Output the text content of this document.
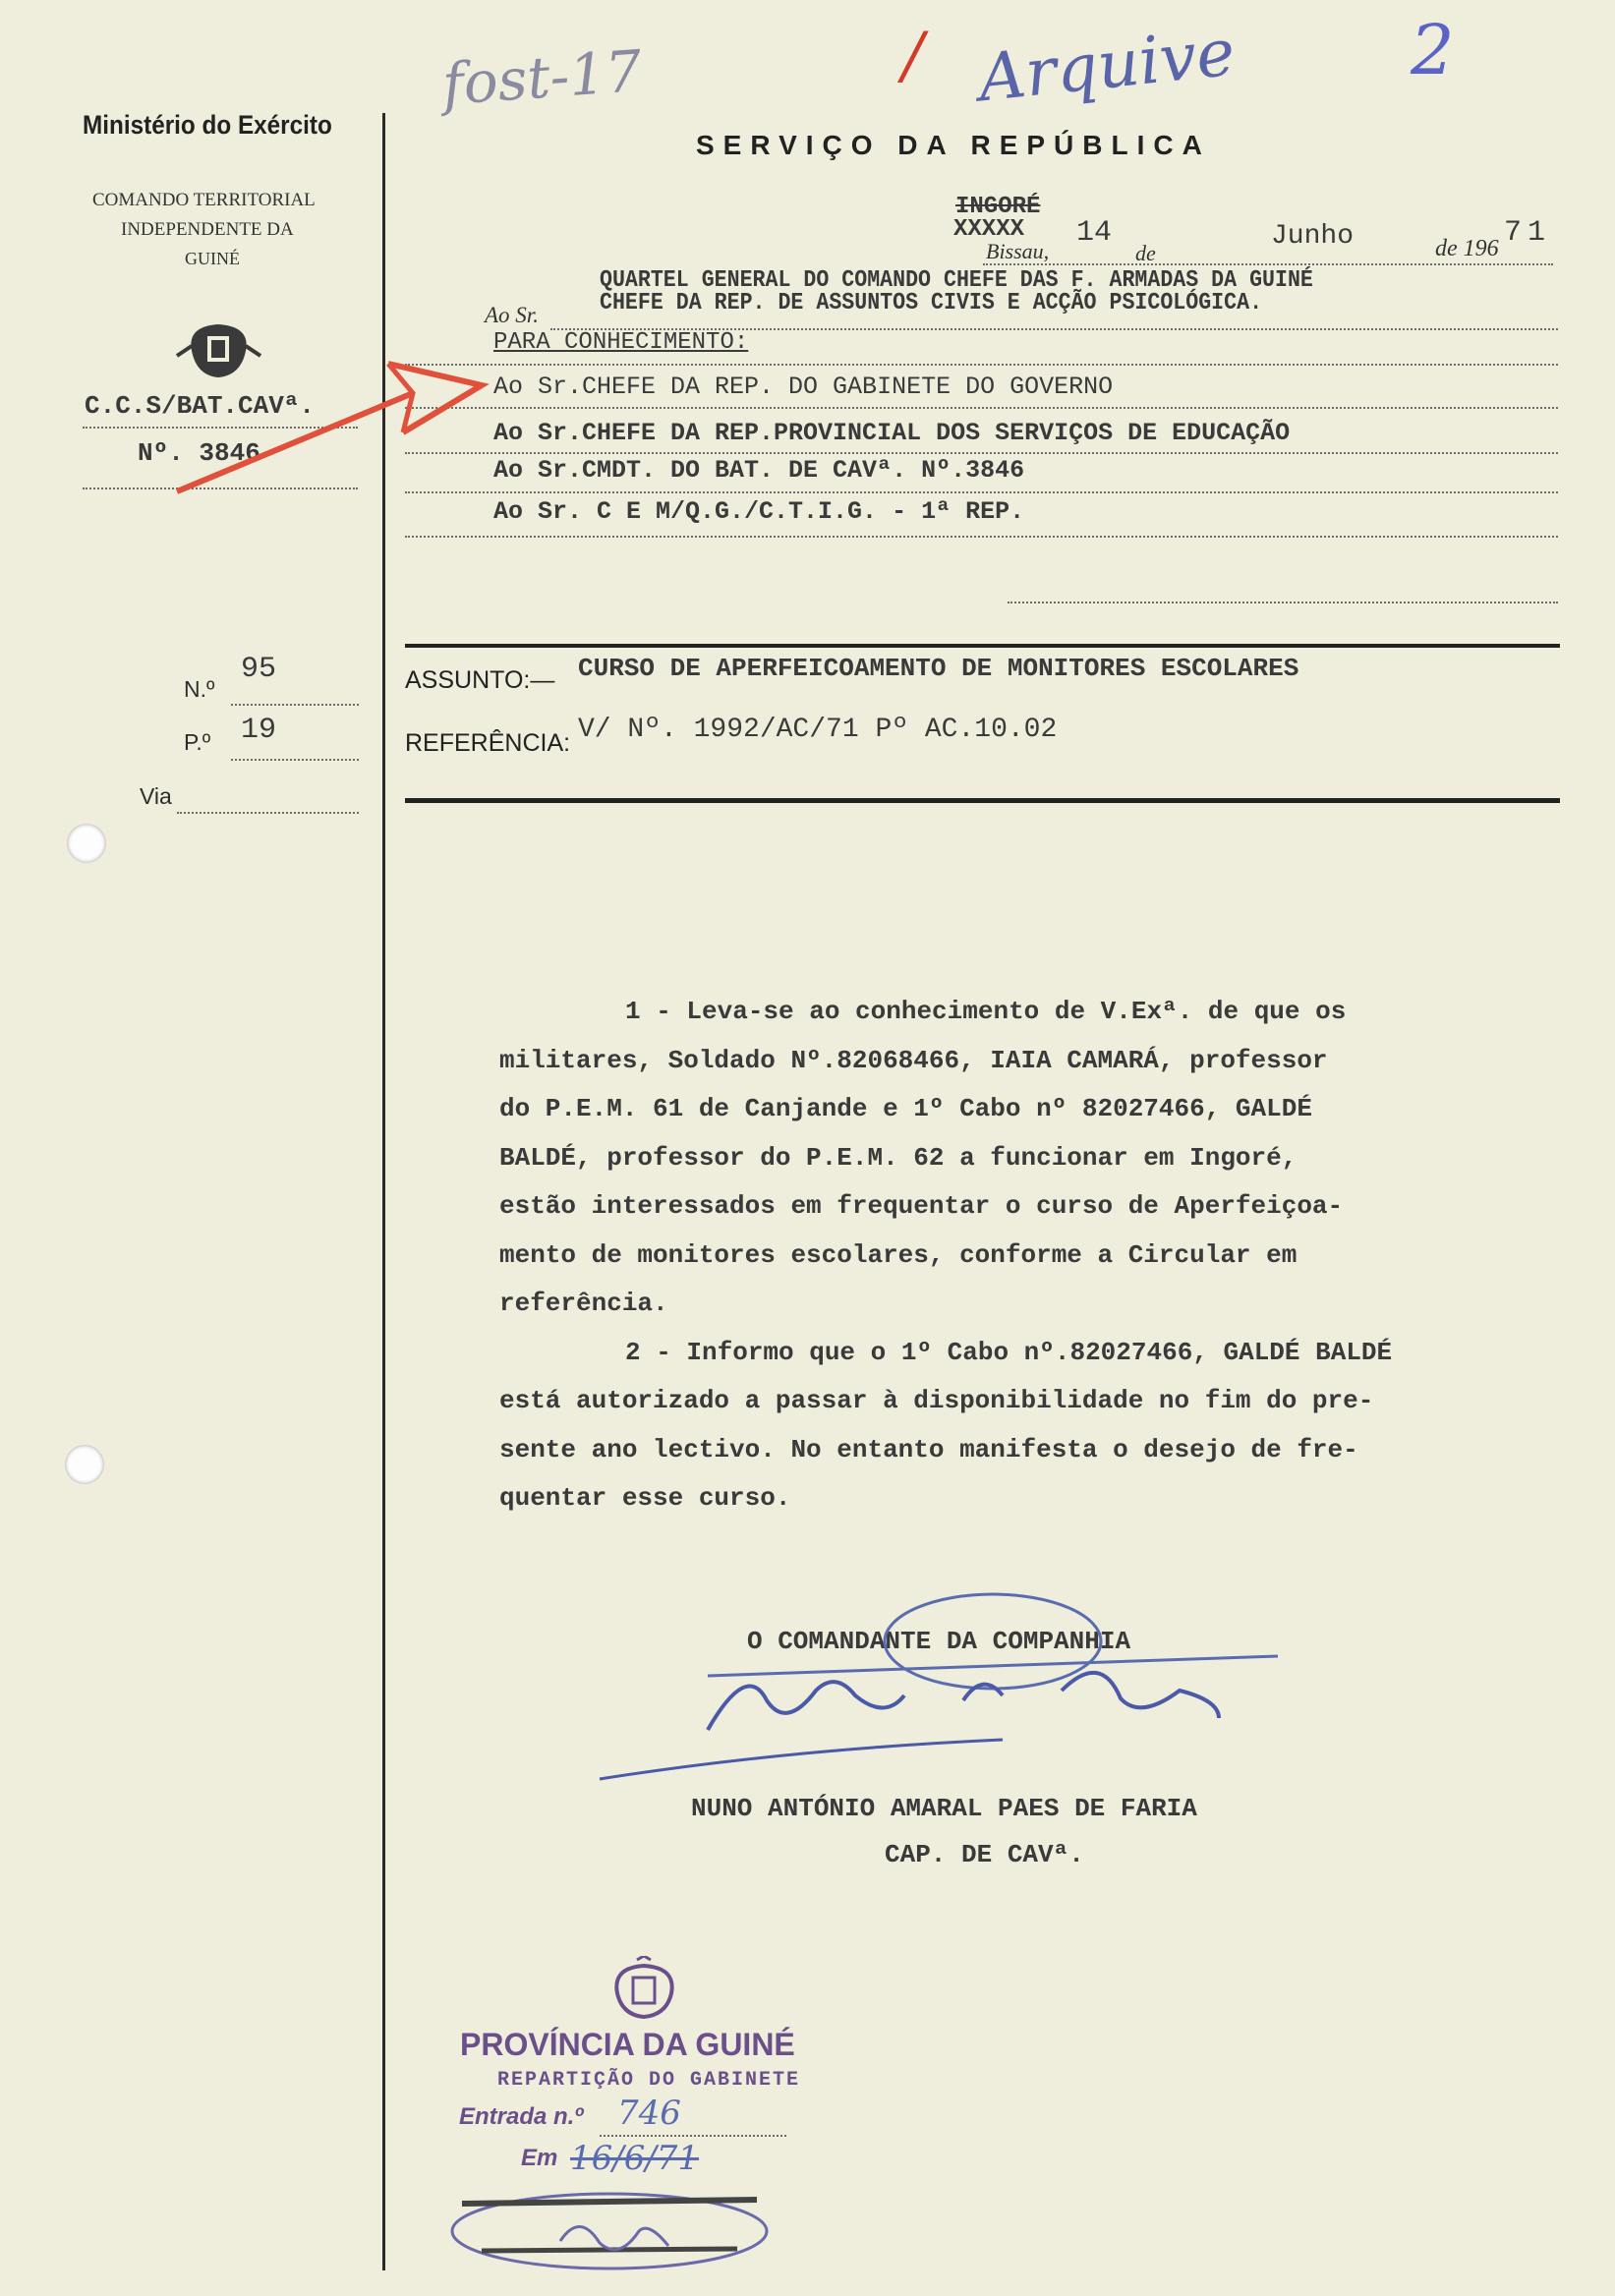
fost-17	/ Arquive	2
Ministério do Exército
COMANDO TERRITORIAL
INDEPENDENTE DA
GUINÉ
C.C.S/BAT.CAVª.
Nº. 3846
N.º
95
P.º 19
Via
SERVIÇO DA REPÚBLICA
INGORÉ
XXXXX
Bissau,
14
de
Junho	de 196 71
QUARTEL GENERAL DO COMANDO CHEFE DAS F. ARMADAS DA GUINÉ
CHEFE DA REP. DE ASSUNTOS CIVIS E ACÇÃO PSICOLÓGICA.
Ao Sr.
PARA CONHECIMENTO:
Ao Sr.CHEFE DA REP. DO GABINETE DO GOVERNO
Ao Sr.CHEFE DA REP.PROVINCIAL DOS SERVIÇOS DE EDUCAÇÃO
Ao Sr.CMDT. DO BAT. DE CAVª. Nº.3846
Ao Sr. C E M/Q.G./C.T.I.G. - 1ª REP.
ASSUNTO:— CURSO DE APERFEICOAMENTO DE MONITORES ESCOLARES
REFERÊNCIA: V/ Nº. 1992/AC/71 Pº AC.10.02
1 - Leva-se ao conhecimento de V.Exª. de que os
militares, Soldado Nº.82068466, IAIA CAMARÁ, professor
do P.E.M. 61 de Canjande e 1º Cabo nº 82027466, GALDÉ
BALDÉ, professor do P.E.M. 62 a funcionar em Ingoré,
estão interessados em frequentar o curso de Aperfeiçoa-
mento de monitores escolares, conforme a Circular em
referência.
2 - Informo que o 1º Cabo nº.82027466, GALDÉ BALDÉ
está autorizado a passar à disponibilidade no fim do pre-
sente ano lectivo. No entanto manifesta o desejo de fre-
quentar esse curso.
O COMANDANTE DA COMPANHIA
NUNO ANTÓNIO AMARAL PAES DE FARIA
CAP. DE CAVª.
PROVÍNCIA DA GUINÉ
REPARTIÇÃO DO GABINETE
Entrada n.º 746
Em 16/6/71
